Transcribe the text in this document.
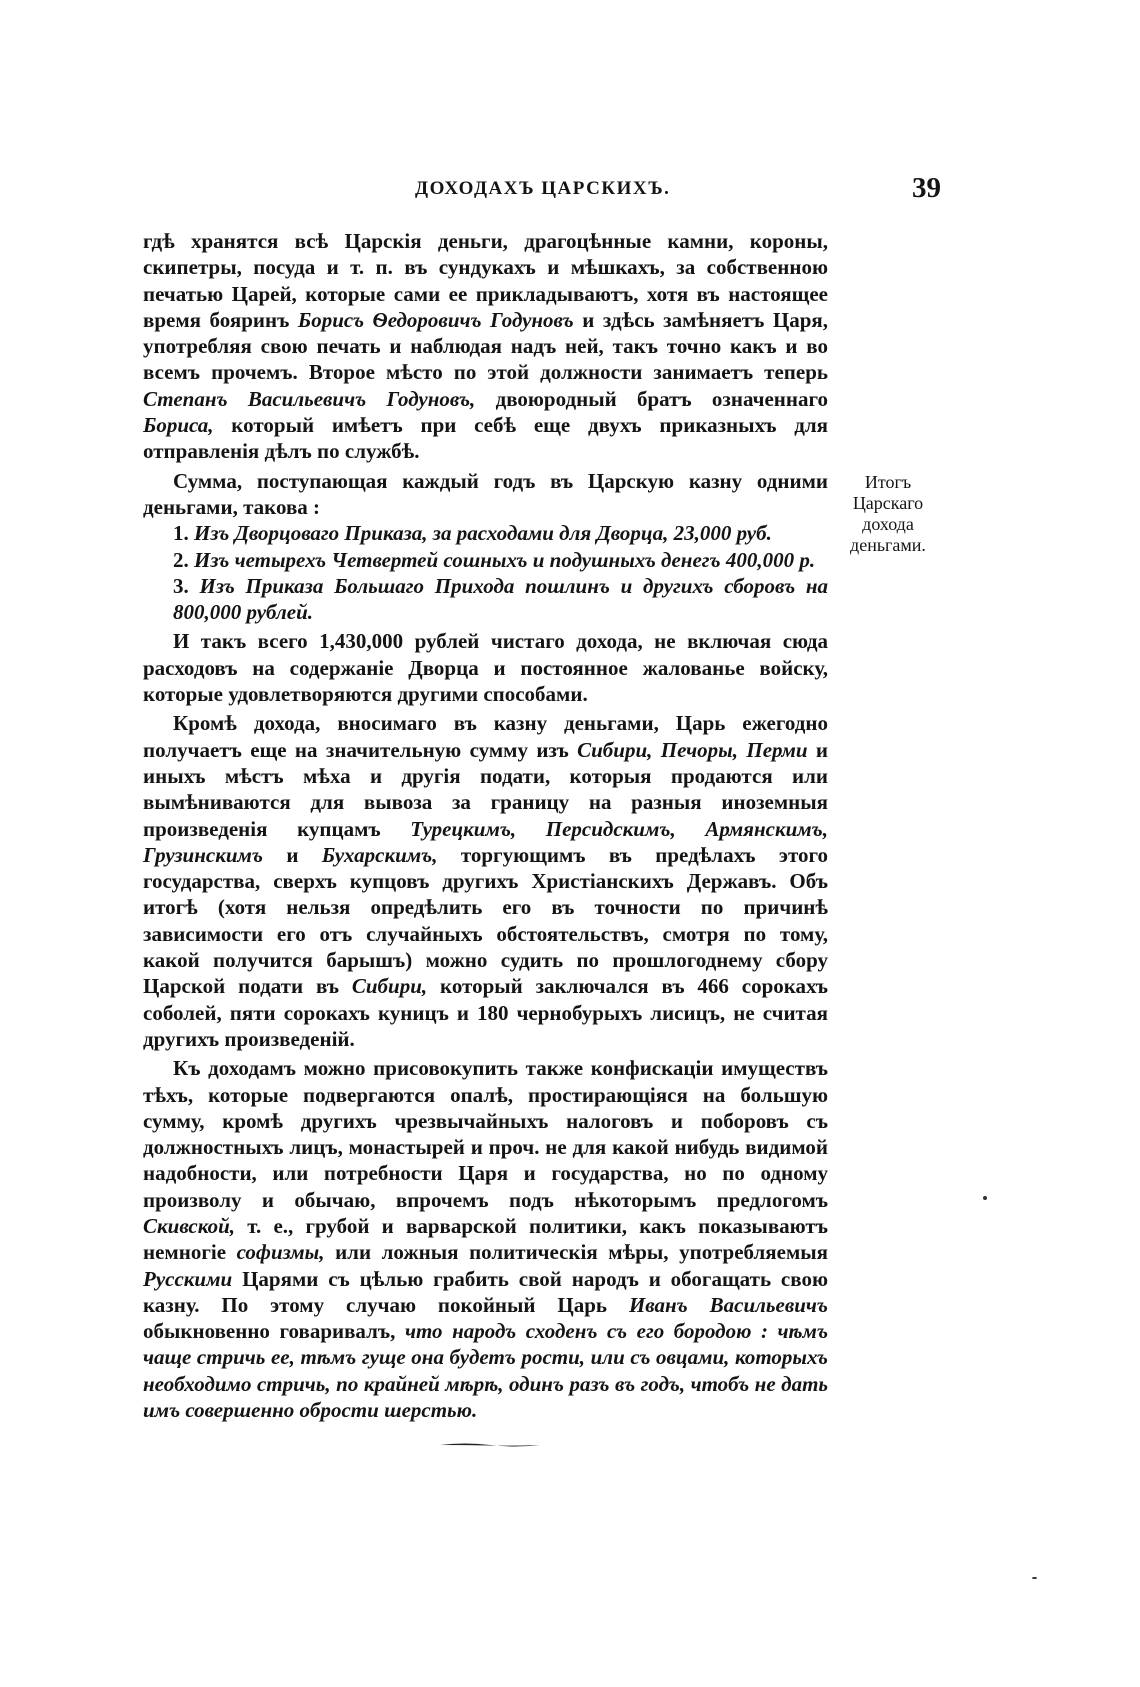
ДОХОДАХЪ ЦАРСКИХЪ.	39

гдѣ хранятся всѣ Царскія деньги, драгоцѣнные камни, короны, скипетры, посуда и т. п. въ сундукахъ и мѣшкахъ, за собственною печатью Царей, которые сами ее прикладываютъ, хотя въ настоящее время бояринъ Борисъ Ѳедоровичъ Годуновъ и здѣсь замѣняетъ Царя, употребляя свою печать и наблюдая надъ ней, такъ точно какъ и во всемъ прочемъ. Второе мѣсто по этой должности занимаетъ теперь Степанъ Васильевичъ Годуновъ, двоюродный братъ означеннаго Бориса, который имѣетъ при себѣ еще двухъ приказныхъ для отправленія дѣлъ по службѣ.

Сумма, поступающая каждый годъ въ Царскую казну одними деньгами, такова :

1. Изъ Дворцоваго Приказа, за расходами для Дворца, 23,000 руб.

2. Изъ четырехъ Четвертей сошныхъ и подушныхъ денегъ 400,000 р.

3. Изъ Приказа Большаго Прихода пошлинъ и другихъ сборовъ на 800,000 рублей.

И такъ всего 1,430,000 рублей чистаго дохода, не включая сюда расходовъ на содержаніе Дворца и постоянное жалованье войску, которые удовлетворяются другими способами.

Кромѣ дохода, вносимаго въ казну деньгами, Царь ежегодно получаетъ еще на значительную сумму изъ Сибири, Печоры, Перми и иныхъ мѣстъ мѣха и другія подати, которыя продаются или вымѣниваются для вывоза за границу на разныя иноземныя произведенія купцамъ Турецкимъ, Персидскимъ, Армянскимъ, Грузинскимъ и Бухарскимъ, торгующимъ въ предѣлахъ этого государства, сверхъ купцовъ другихъ Христіанскихъ Державъ. Объ итогѣ (хотя нельзя опредѣлить его въ точности по причинѣ зависимости его отъ случайныхъ обстоятельствъ, смотря по тому, какой получится барышъ) можно судить по прошлогоднему сбору Царской подати въ Сибири, который заключался въ 466 сорокахъ соболей, пяти сорокахъ куницъ и 180 чернобурыхъ лисицъ, не считая другихъ произведеній.

Къ доходамъ можно присовокупить также конфискаціи имуществъ тѣхъ, которые подвергаются опалѣ, простирающіяся на большую сумму, кромѣ другихъ чрезвычайныхъ налоговъ и поборовъ съ должностныхъ лицъ, монастырей и проч. не для какой нибудь видимой надобности, или потребности Царя и государства, но по одному произволу и обычаю, впрочемъ подъ нѣкоторымъ предлогомъ Скивской, т. е., грубой и варварской политики, какъ показываютъ немногіе софизмы, или ложныя политическія мѣры, употребляемыя Русскими Царями съ цѣлью грабить свой народъ и обогащать свою казну. По этому случаю покойный Царь Иванъ Васильевичъ обыкновенно говаривалъ, что народъ сходенъ съ его бородою : чѣмъ чаще стричь ее, тѣмъ гуще она будетъ рости, или съ овцами, которыхъ необходимо стричь, по крайней мѣрѣ, одинъ разъ въ годъ, чтобъ не дать имъ совершенно обрости шерстью.

Итогъ
Царскаго
дохода
деньгами.
